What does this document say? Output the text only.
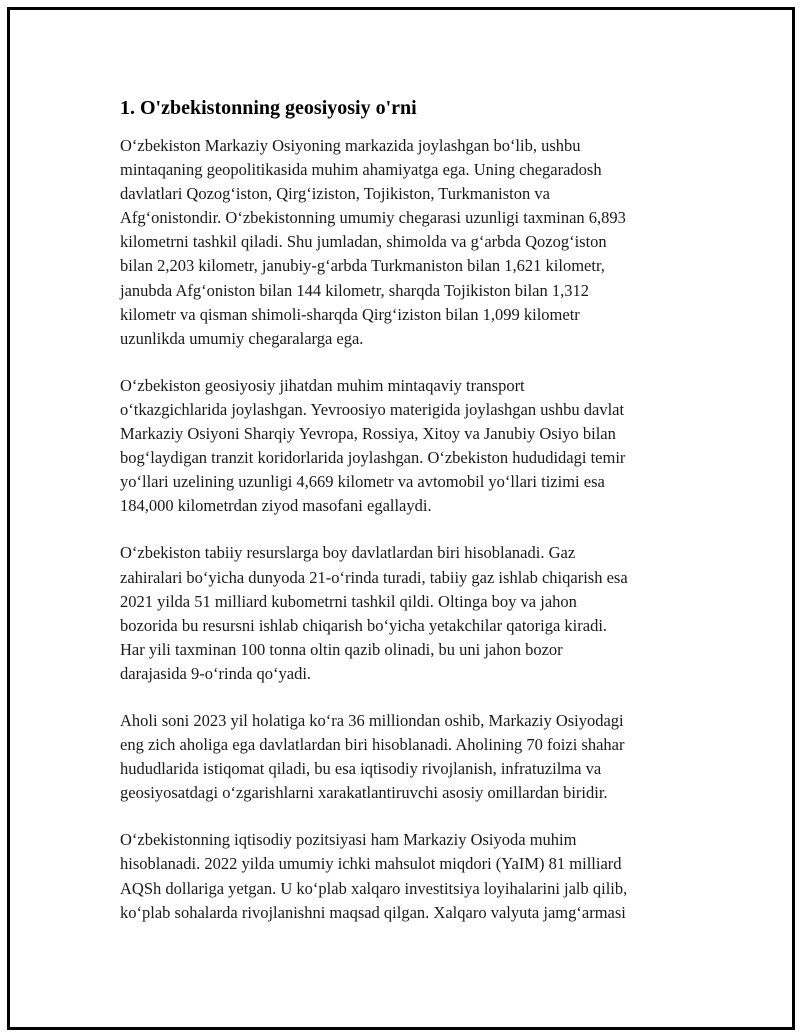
1. O'zbekistonning geosiyosiy o'rni

O‘zbekiston Markaziy Osiyoning markazida joylashgan bo‘lib, ushbu
mintaqaning geopolitikasida muhim ahamiyatga ega. Uning chegaradosh
davlatlari Qozog‘iston, Qirg‘iziston, Tojikiston, Turkmaniston va
Afg‘onistondir. O‘zbekistonning umumiy chegarasi uzunligi taxminan 6,893
kilometrni tashkil qiladi. Shu jumladan, shimolda va g‘arbda Qozog‘iston
bilan 2,203 kilometr, janubiy-g‘arbda Turkmaniston bilan 1,621 kilometr,
janubda Afg‘oniston bilan 144 kilometr, sharqda Tojikiston bilan 1,312
kilometr va qisman shimoli-sharqda Qirg‘iziston bilan 1,099 kilometr
uzunlikda umumiy chegaralarga ega.

O‘zbekiston geosiyosiy jihatdan muhim mintaqaviy transport
o‘tkazgichlarida joylashgan. Yevroosiyo materigida joylashgan ushbu davlat
Markaziy Osiyoni Sharqiy Yevropa, Rossiya, Xitoy va Janubiy Osiyo bilan
bog‘laydigan tranzit koridorlarida joylashgan. O‘zbekiston hududidagi temir
yo‘llari uzelining uzunligi 4,669 kilometr va avtomobil yo‘llari tizimi esa
184,000 kilometrdan ziyod masofani egallaydi.

O‘zbekiston tabiiy resurslarga boy davlatlardan biri hisoblanadi. Gaz
zahiralari bo‘yicha dunyoda 21-o‘rinda turadi, tabiiy gaz ishlab chiqarish esa
2021 yilda 51 milliard kubometrni tashkil qildi. Oltinga boy va jahon
bozorida bu resursni ishlab chiqarish bo‘yicha yetakchilar qatoriga kiradi.
Har yili taxminan 100 tonna oltin qazib olinadi, bu uni jahon bozor
darajasida 9-o‘rinda qo‘yadi.

Aholi soni 2023 yil holatiga ko‘ra 36 milliondan oshib, Markaziy Osiyodagi
eng zich aholiga ega davlatlardan biri hisoblanadi. Aholining 70 foizi shahar
hududlarida istiqomat qiladi, bu esa iqtisodiy rivojlanish, infratuzilma va
geosiyosatdagi o‘zgarishlarni xarakatlantiruvchi asosiy omillardan biridir.

O‘zbekistonning iqtisodiy pozitsiyasi ham Markaziy Osiyoda muhim
hisoblanadi. 2022 yilda umumiy ichki mahsulot miqdori (YaIM) 81 milliard
AQSh dollariga yetgan. U ko‘plab xalqaro investitsiya loyihalarini jalb qilib,
ko‘plab sohalarda rivojlanishni maqsad qilgan. Xalqaro valyuta jamg‘armasi
